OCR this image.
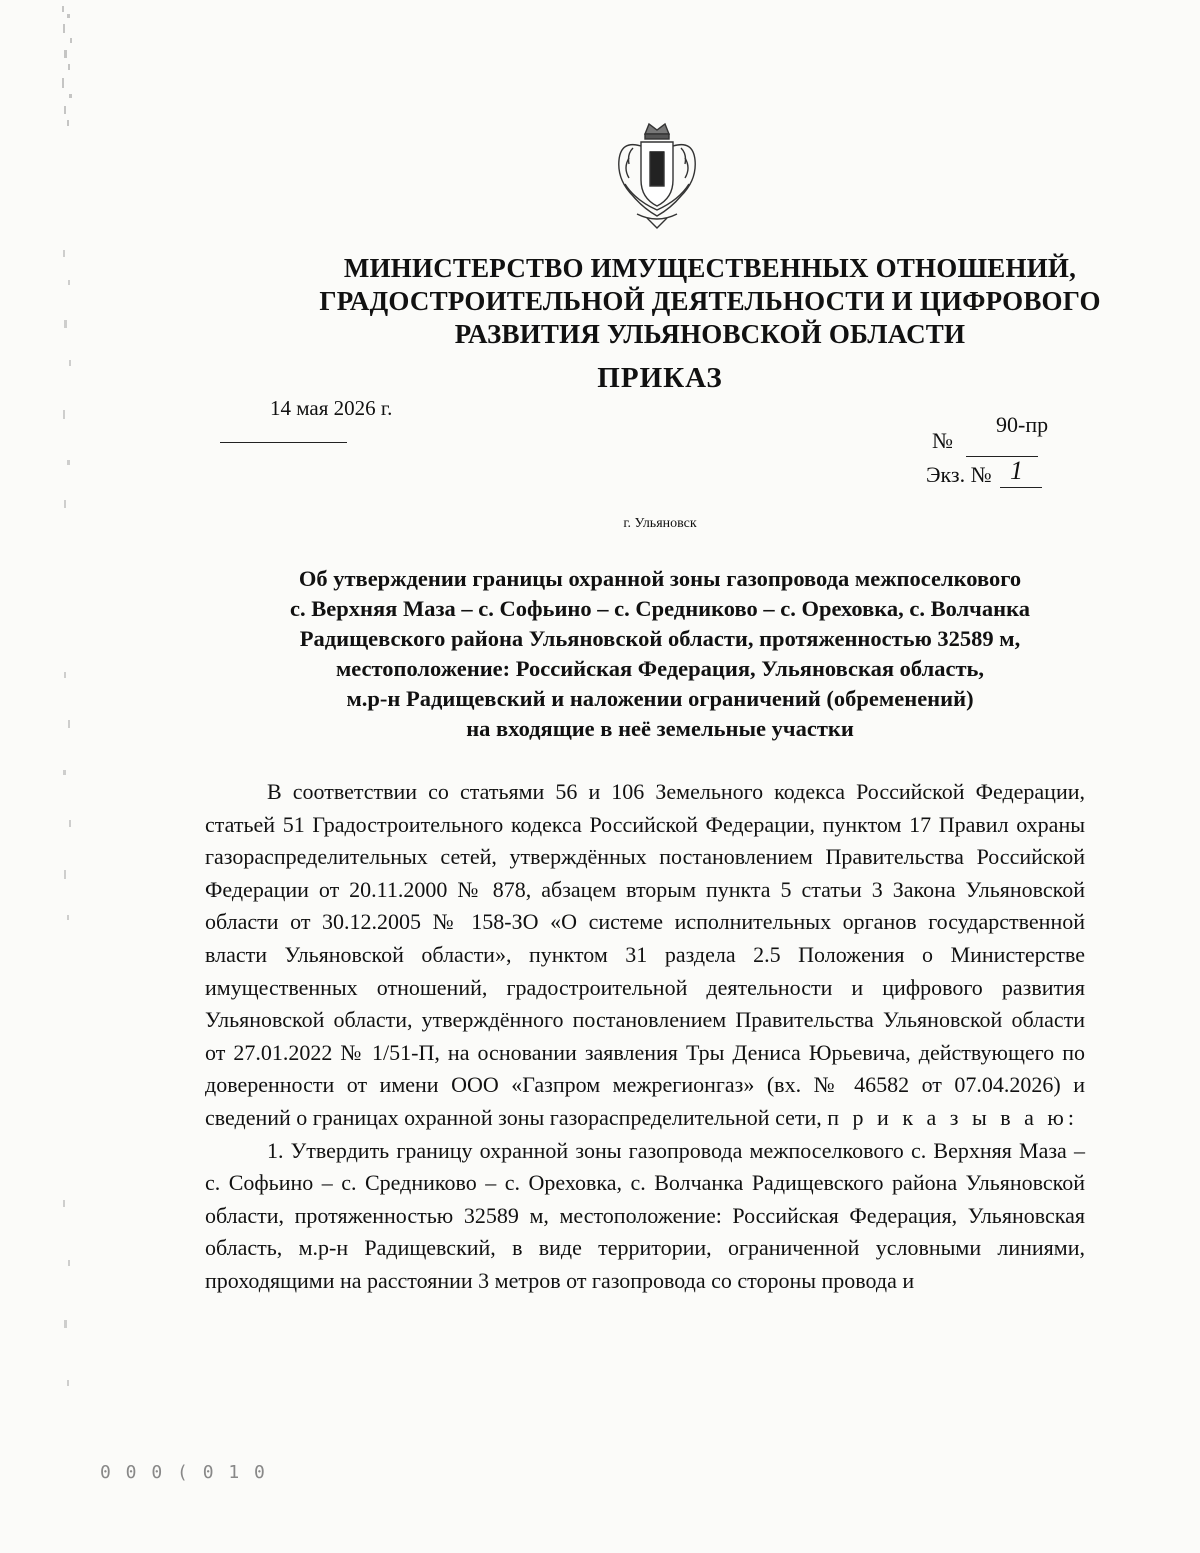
МИНИСТЕРСТВО ИМУЩЕСТВЕННЫХ ОТНОШЕНИЙ,
ГРАДОСТРОИТЕЛЬНОЙ ДЕЯТЕЛЬНОСТИ И ЦИФРОВОГО
РАЗВИТИЯ УЛЬЯНОВСКОЙ ОБЛАСТИ
ПРИКАЗ
14 мая 2026 г.
№
90-пр
Экз. № 1
г. Ульяновск
Об утверждении границы охранной зоны газопровода межпоселкового
с. Верхняя Маза – с. Софьино – с. Средниково – с. Ореховка, с. Волчанка
Радищевского района Ульяновской области, протяженностью 32589 м,
местоположение: Российская Федерация, Ульяновская область,
м.р-н Радищевский и наложении ограничений (обременений)
на входящие в неё земельные участки

В соответствии со статьями 56 и 106 Земельного кодекса Российской Федерации, статьей 51 Градостроительного кодекса Российской Федерации, пунктом 17 Правил охраны газораспределительных сетей, утверждённых постановлением Правительства Российской Федерации от 20.11.2000 № 878, абзацем вторым пункта 5 статьи 3 Закона Ульяновской области от 30.12.2005 № 158-ЗО «О системе исполнительных органов государственной власти Ульяновской области», пунктом 31 раздела 2.5 Положения о Министерстве имущественных отношений, градостроительной деятельности и цифрового развития Ульяновской области, утверждённого постановлением Правительства Ульяновской области от 27.01.2022 № 1/51-П, на основании заявления Тры Дениса Юрьевича, действующего по доверенности от имени ООО «Газпром межрегионгаз» (вх. № 46582 от 07.04.2026) и сведений о границах охранной зоны газораспределительной сети, п р и к а з ы в а ю:

1. Утвердить границу охранной зоны газопровода межпоселкового с. Верхняя Маза – с. Софьино – с. Средниково – с. Ореховка, с. Волчанка Радищевского района Ульяновской области, протяженностью 32589 м, местоположение: Российская Федерация, Ульяновская область, м.р-н Радищевский, в виде территории, ограниченной условными линиями, проходящими на расстоянии 3 метров от газопровода со стороны провода и

0 0 0 ( 0 1 0
